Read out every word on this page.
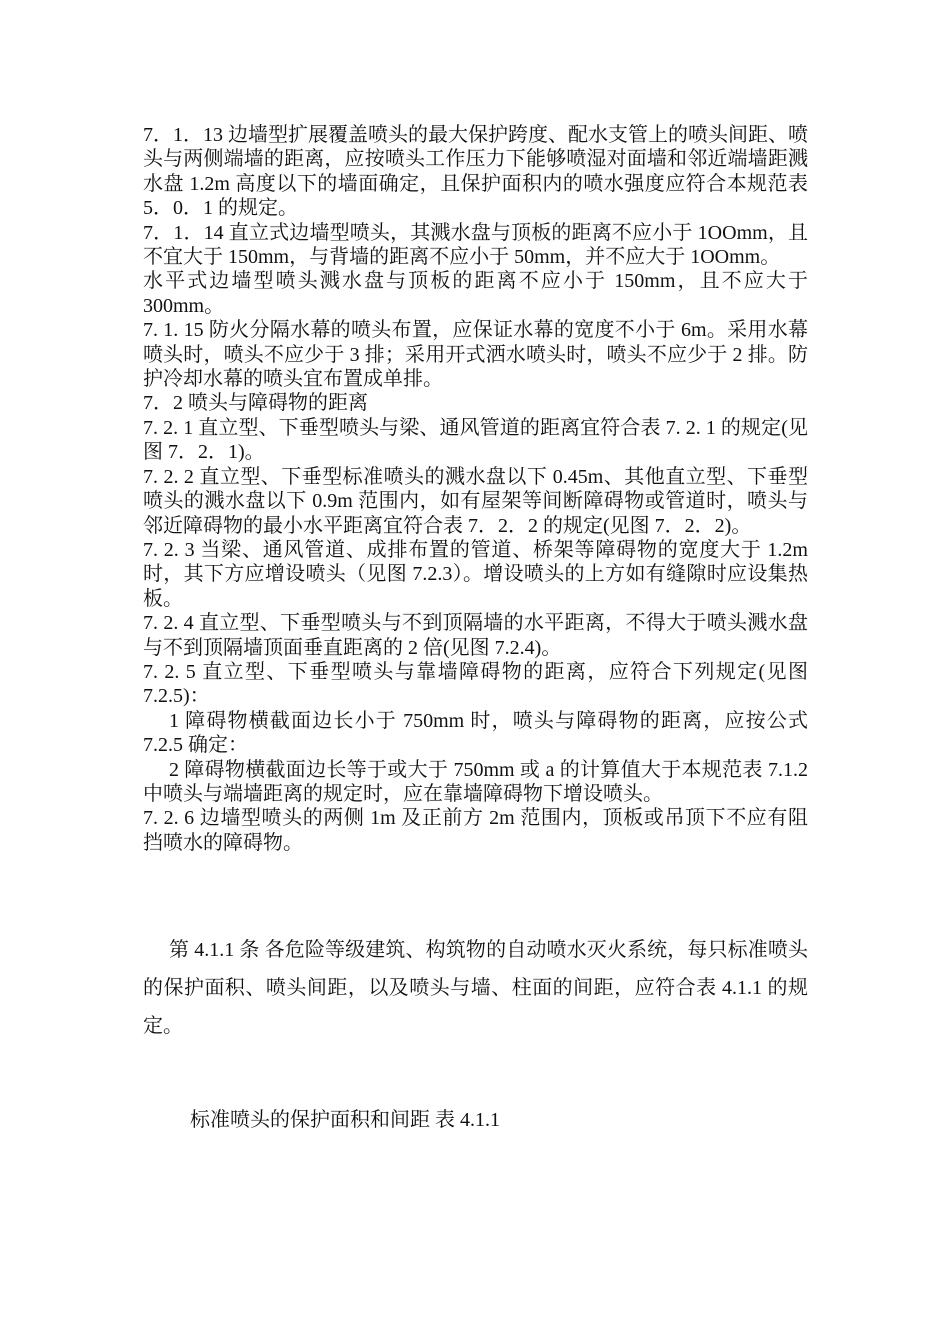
7．1．13 边墙型扩展覆盖喷头的最大保护跨度、配水支管上的喷头间距、喷头与两侧端墙的距离，应按喷头工作压力下能够喷湿对面墙和邻近端墙距溅水盘 1.2m 高度以下的墙面确定，且保护面积内的喷水强度应符合本规范表 5．0．1 的规定。

7．1．14 直立式边墙型喷头，其溅水盘与顶板的距离不应小于 1OOmm，且不宜大于 150mm，与背墙的距离不应小于 50mm，并不应大于 1OOmm。

水平式边墙型喷头溅水盘与顶板的距离不应小于 150mm，且不应大于 300mm。

7. 1. 15 防火分隔水幕的喷头布置，应保证水幕的宽度不小于 6m。采用水幕喷头时，喷头不应少于 3 排；采用开式洒水喷头时，喷头不应少于 2 排。防护冷却水幕的喷头宜布置成单排。

7．2 喷头与障碍物的距离

7. 2. 1 直立型、下垂型喷头与梁、通风管道的距离宜符合表 7. 2. 1 的规定(见图 7．2．1)。

7. 2. 2 直立型、下垂型标准喷头的溅水盘以下 0.45m、其他直立型、下垂型喷头的溅水盘以下 0.9m 范围内，如有屋架等间断障碍物或管道时，喷头与邻近障碍物的最小水平距离宜符合表 7．2．2 的规定(见图 7．2．2)。

7. 2. 3 当梁、通风管道、成排布置的管道、桥架等障碍物的宽度大于 1.2m 时，其下方应增设喷头（见图 7.2.3）。增设喷头的上方如有缝隙时应设集热板。

7. 2. 4 直立型、下垂型喷头与不到顶隔墙的水平距离，不得大于喷头溅水盘与不到顶隔墙顶面垂直距离的 2 倍(见图 7.2.4)。

7. 2. 5 直立型、下垂型喷头与靠墙障碍物的距离，应符合下列规定(见图 7.2.5)：

1 障碍物横截面边长小于 750mm 时，喷头与障碍物的距离，应按公式 7.2.5 确定：

2 障碍物横截面边长等于或大于 750mm 或 a 的计算值大于本规范表 7.1.2 中喷头与端墙距离的规定时，应在靠墙障碍物下增设喷头。

7. 2. 6 边墙型喷头的两侧 1m 及正前方 2m 范围内，顶板或吊顶下不应有阻挡喷水的障碍物。

第 4.1.1 条 各危险等级建筑、构筑物的自动喷水灭火系统，每只标准喷头的保护面积、喷头间距，以及喷头与墙、柱面的间距，应符合表 4.1.1 的规定。
标准喷头的保护面积和间距 表 4.1.1
